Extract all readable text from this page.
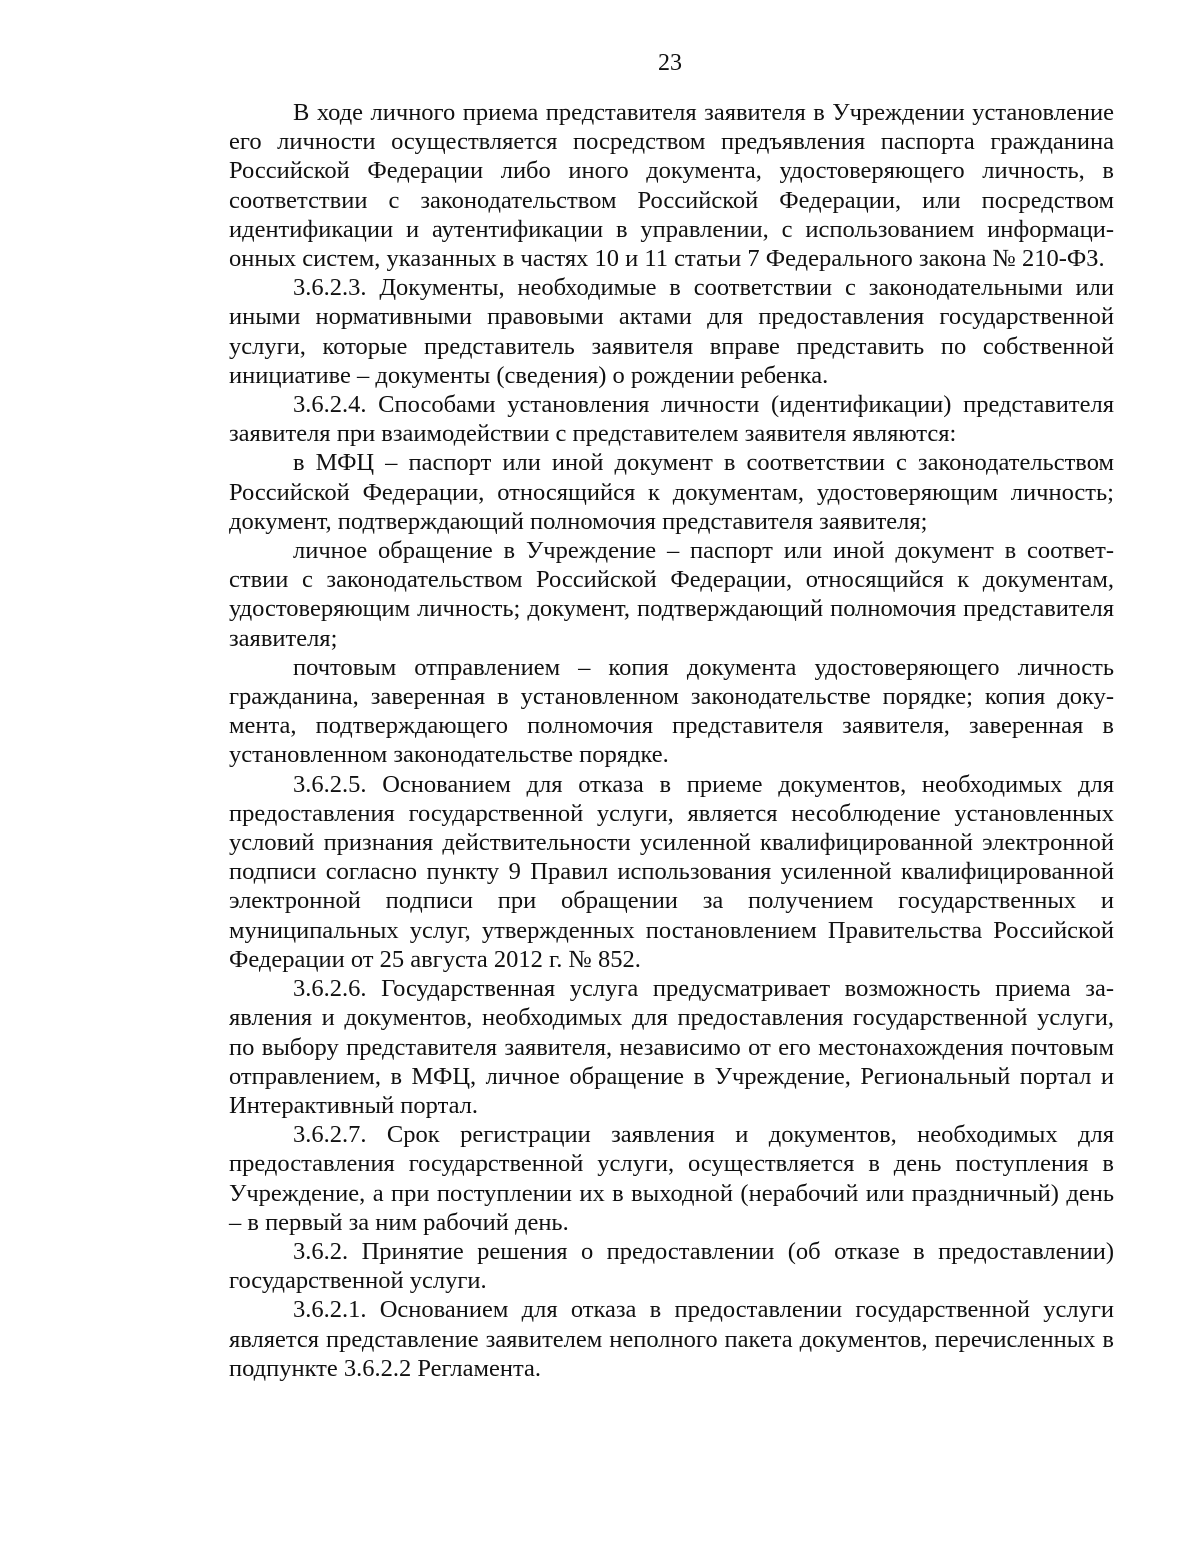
23

В ходе личного приема представителя заявителя в Учреждении установление его личности осуществляется посредством предъявления паспорта гражданина Российской Федерации либо иного документа, удостоверяющего личность, в соответствии с законодательством Российской Федерации, или посредством идентификации и аутентификации в управлении, с использованием информационных систем, указанных в частях 10 и 11 статьи 7 Федерального закона № 210-ФЗ.

3.6.2.3. Документы, необходимые в соответствии с законодательными или иными нормативными правовыми актами для предоставления государственной услуги, которые представитель заявителя вправе представить по собственной инициативе – документы (сведения) о рождении ребенка.

3.6.2.4. Способами установления личности (идентификации) представителя заявителя при взаимодействии с представителем заявителя являются:

в МФЦ – паспорт или иной документ в соответствии с законодательством Российской Федерации, относящийся к документам, удостоверяющим личность; документ, подтверждающий полномочия представителя заявителя;

личное обращение в Учреждение – паспорт или иной документ в соответствии с законодательством Российской Федерации, относящийся к документам, удостоверяющим личность; документ, подтверждающий полномочия представителя заявителя;

почтовым отправлением – копия документа удостоверяющего личность гражданина, заверенная в установленном законодательстве порядке; копия документа, подтверждающего полномочия представителя заявителя, заверенная в установленном законодательстве порядке.

3.6.2.5. Основанием для отказа в приеме документов, необходимых для предоставления государственной услуги, является несоблюдение установленных условий признания действительности усиленной квалифицированной электронной подписи согласно пункту 9 Правил использования усиленной квалифицированной электронной подписи при обращении за получением государственных и муниципальных услуг, утвержденных постановлением Правительства Российской Федерации от 25 августа 2012 г. № 852.

3.6.2.6. Государственная услуга предусматривает возможность приема заявления и документов, необходимых для предоставления государственной услуги, по выбору представителя заявителя, независимо от его местонахождения почтовым отправлением, в МФЦ, личное обращение в Учреждение, Региональный портал и Интерактивный портал.

3.6.2.7. Срок регистрации заявления и документов, необходимых для предоставления государственной услуги, осуществляется в день поступления в Учреждение, а при поступлении их в выходной (нерабочий или праздничный) день – в первый за ним рабочий день.

3.6.2. Принятие решения о предоставлении (об отказе в предоставлении) государственной услуги.

3.6.2.1. Основанием для отказа в предоставлении государственной услуги является представление заявителем неполного пакета документов, перечисленных в подпункте 3.6.2.2 Регламента.
